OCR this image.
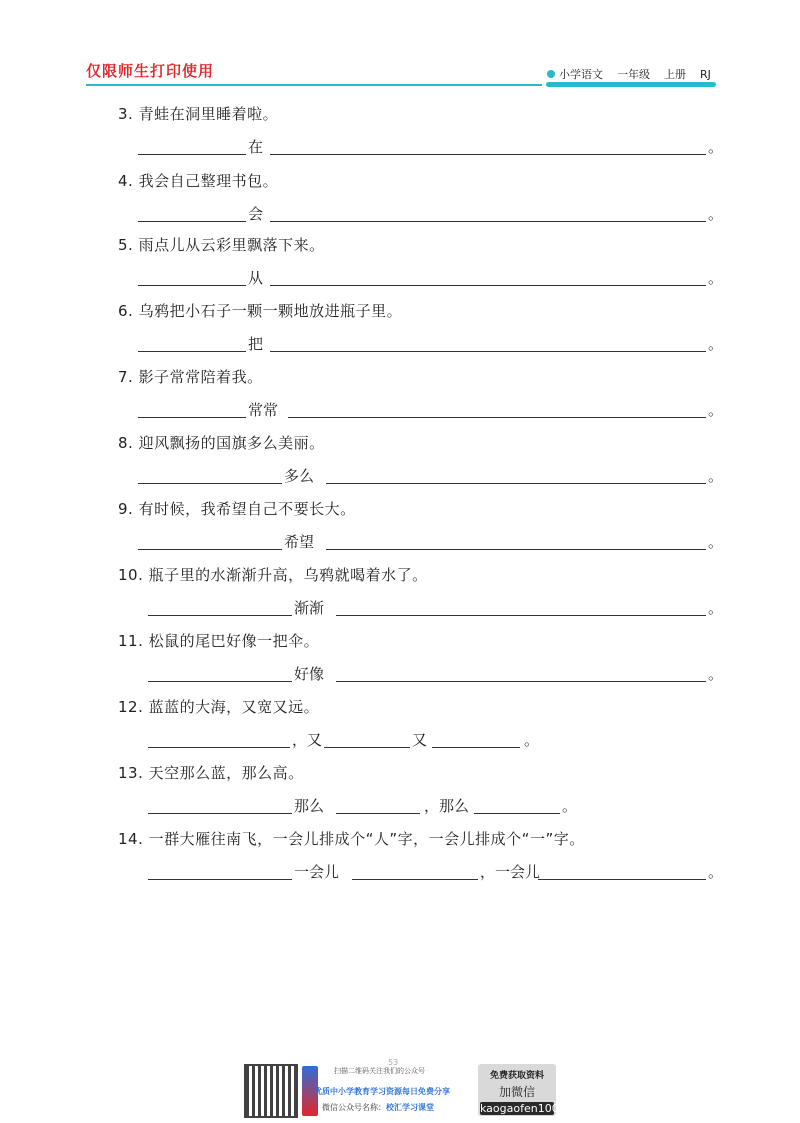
仅限师生打印使用	小学语文 一年级 上册 RJ
3. 青蛙在洞里睡着啦。
在	。
4. 我会自己整理书包。
会	。
5. 雨点儿从云彩里飘落下来。
从	。
6. 乌鸦把小石子一颗一颗地放进瓶子里。
把	。
7. 影子常常陪着我。
常常	。
8. 迎风飘扬的国旗多么美丽。
多么	。
9. 有时候，我希望自己不要长大。
希望	。
10. 瓶子里的水渐渐升高，乌鸦就喝着水了。
渐渐	。
11. 松鼠的尾巴好像一把伞。
好像	。
12. 蓝蓝的大海，又宽又远。
，又	又	。
13. 天空那么蓝，那么高。
那么	，那么	。
14. 一群大雁往南飞，一会儿排成个“人”字，一会儿排成个“一”字。
一会儿	，一会儿	。
53
扫描二维码关注我们的公众号
优质中小学教育学习资源每日免费分享
微信公众号名称：校汇学习课堂
免费获取资料
加微信
kaogaofen100
